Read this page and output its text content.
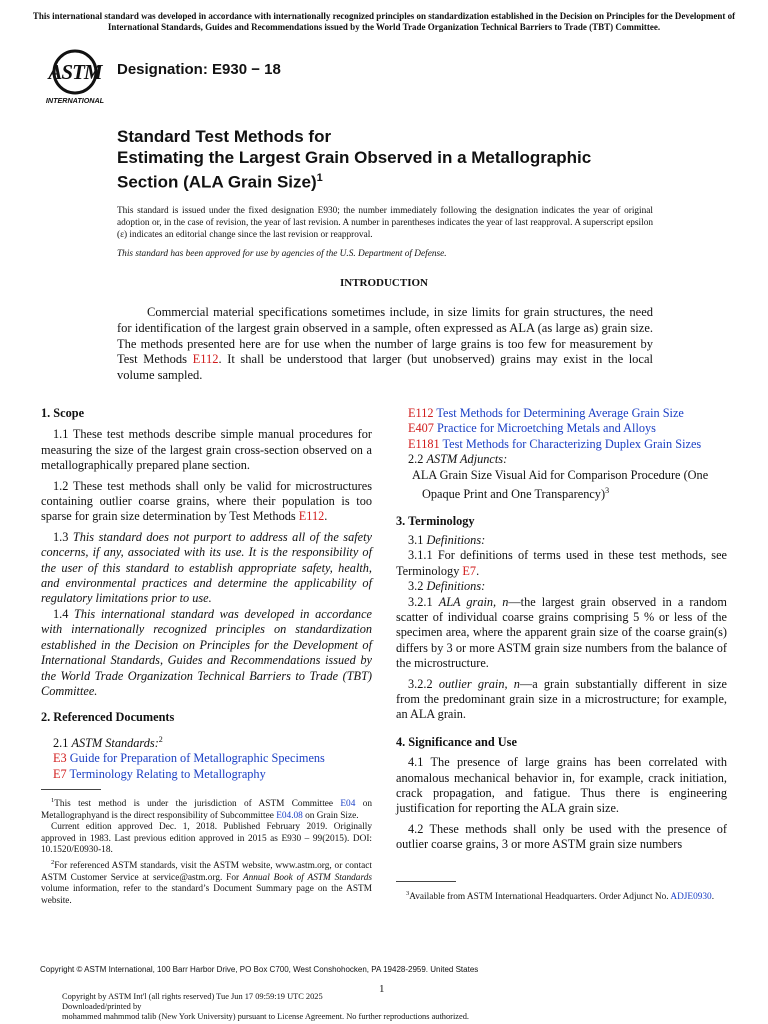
This international standard was developed in accordance with internationally recognized principles on standardization established in the Decision on Principles for the Development of International Standards, Guides and Recommendations issued by the World Trade Organization Technical Barriers to Trade (TBT) Committee.
ASTM
INTERNATIONAL
Designation: E930 − 18
Standard Test Methods for
Estimating the Largest Grain Observed in a Metallographic
Section (ALA Grain Size)$^1$
This standard is issued under the fixed designation E930; the number immediately following the designation indicates the year of original adoption or, in the case of revision, the year of last revision. A number in parentheses indicates the year of last reapproval. A superscript epsilon (ε) indicates an editorial change since the last revision or reapproval.
This standard has been approved for use by agencies of the U.S. Department of Defense.
INTRODUCTION
Commercial material specifications sometimes include, in size limits for grain structures, the need for identification of the largest grain observed in a sample, often expressed as ALA (as large as) grain size. The methods presented here are for use when the number of large grains is too few for measurement by Test Methods E112. It shall be understood that larger (but unobserved) grains may exist in the local volume sampled.

1. Scope

1.1 These test methods describe simple manual procedures for measuring the size of the largest grain cross-section observed on a metallographically prepared plane section.

1.2 These test methods shall only be valid for microstructures containing outlier coarse grains, where their population is too sparse for grain size determination by Test Methods E112.

1.3 This standard does not purport to address all of the safety concerns, if any, associated with its use. It is the responsibility of the user of this standard to establish appropriate safety, health, and environmental practices and determine the applicability of regulatory limitations prior to use.

1.4 This international standard was developed in accordance with internationally recognized principles on standardization established in the Decision on Principles for the Development of International Standards, Guides and Recommendations issued by the World Trade Organization Technical Barriers to Trade (TBT) Committee.

2. Referenced Documents

2.1 ASTM Standards:$^2$

E3 Guide for Preparation of Metallographic Specimens
E7 Terminology Relating to Metallography

$^1$This test method is under the jurisdiction of ASTM Committee E04 on Metallographyand is the direct responsibility of Subcommittee E04.08 on Grain Size.

Current edition approved Dec. 1, 2018. Published February 2019. Originally approved in 1983. Last previous edition approved in 2015 as E930 – 99(2015). DOI: 10.1520/E0930-18.

$^2$For referenced ASTM standards, visit the ASTM website, www.astm.org, or contact ASTM Customer Service at service@astm.org. For Annual Book of ASTM Standards volume information, refer to the standard’s Document Summary page on the ASTM website.

E112 Test Methods for Determining Average Grain Size
E407 Practice for Microetching Metals and Alloys
E1181 Test Methods for Characterizing Duplex Grain Sizes

2.2 ASTM Adjuncts:

ALA Grain Size Visual Aid for Comparison Procedure (One
Opaque Print and One Transparency)$^3$

3. Terminology

3.1 Definitions:

3.1.1 For definitions of terms used in these test methods, see Terminology E7.

3.2 Definitions:

3.2.1 ALA grain, n—the largest grain observed in a random scatter of individual coarse grains comprising 5 % or less of the specimen area, where the apparent grain size of the coarse grain(s) differs by 3 or more ASTM grain size numbers from the balance of the microstructure.

3.2.2 outlier grain, n—a grain substantially different in size from the predominant grain size in a microstructure; for example, an ALA grain.

4. Significance and Use

4.1 The presence of large grains has been correlated with anomalous mechanical behavior in, for example, crack initiation, crack propagation, and fatigue. Thus there is engineering justification for reporting the ALA grain size.

4.2 These methods shall only be used with the presence of outlier coarse grains, 3 or more ASTM grain size numbers

$^3$Available from ASTM International Headquarters. Order Adjunct No. ADJE0930.

Copyright © ASTM International, 100 Barr Harbor Drive, PO Box C700, West Conshohocken, PA 19428-2959. United States
1
Copyright by ASTM Int'l (all rights reserved) Tue Jun 17 09:59:19 UTC 2025
Downloaded/printed by
mohammed mahmmod talib (New York University) pursuant to License Agreement. No further reproductions authorized.
